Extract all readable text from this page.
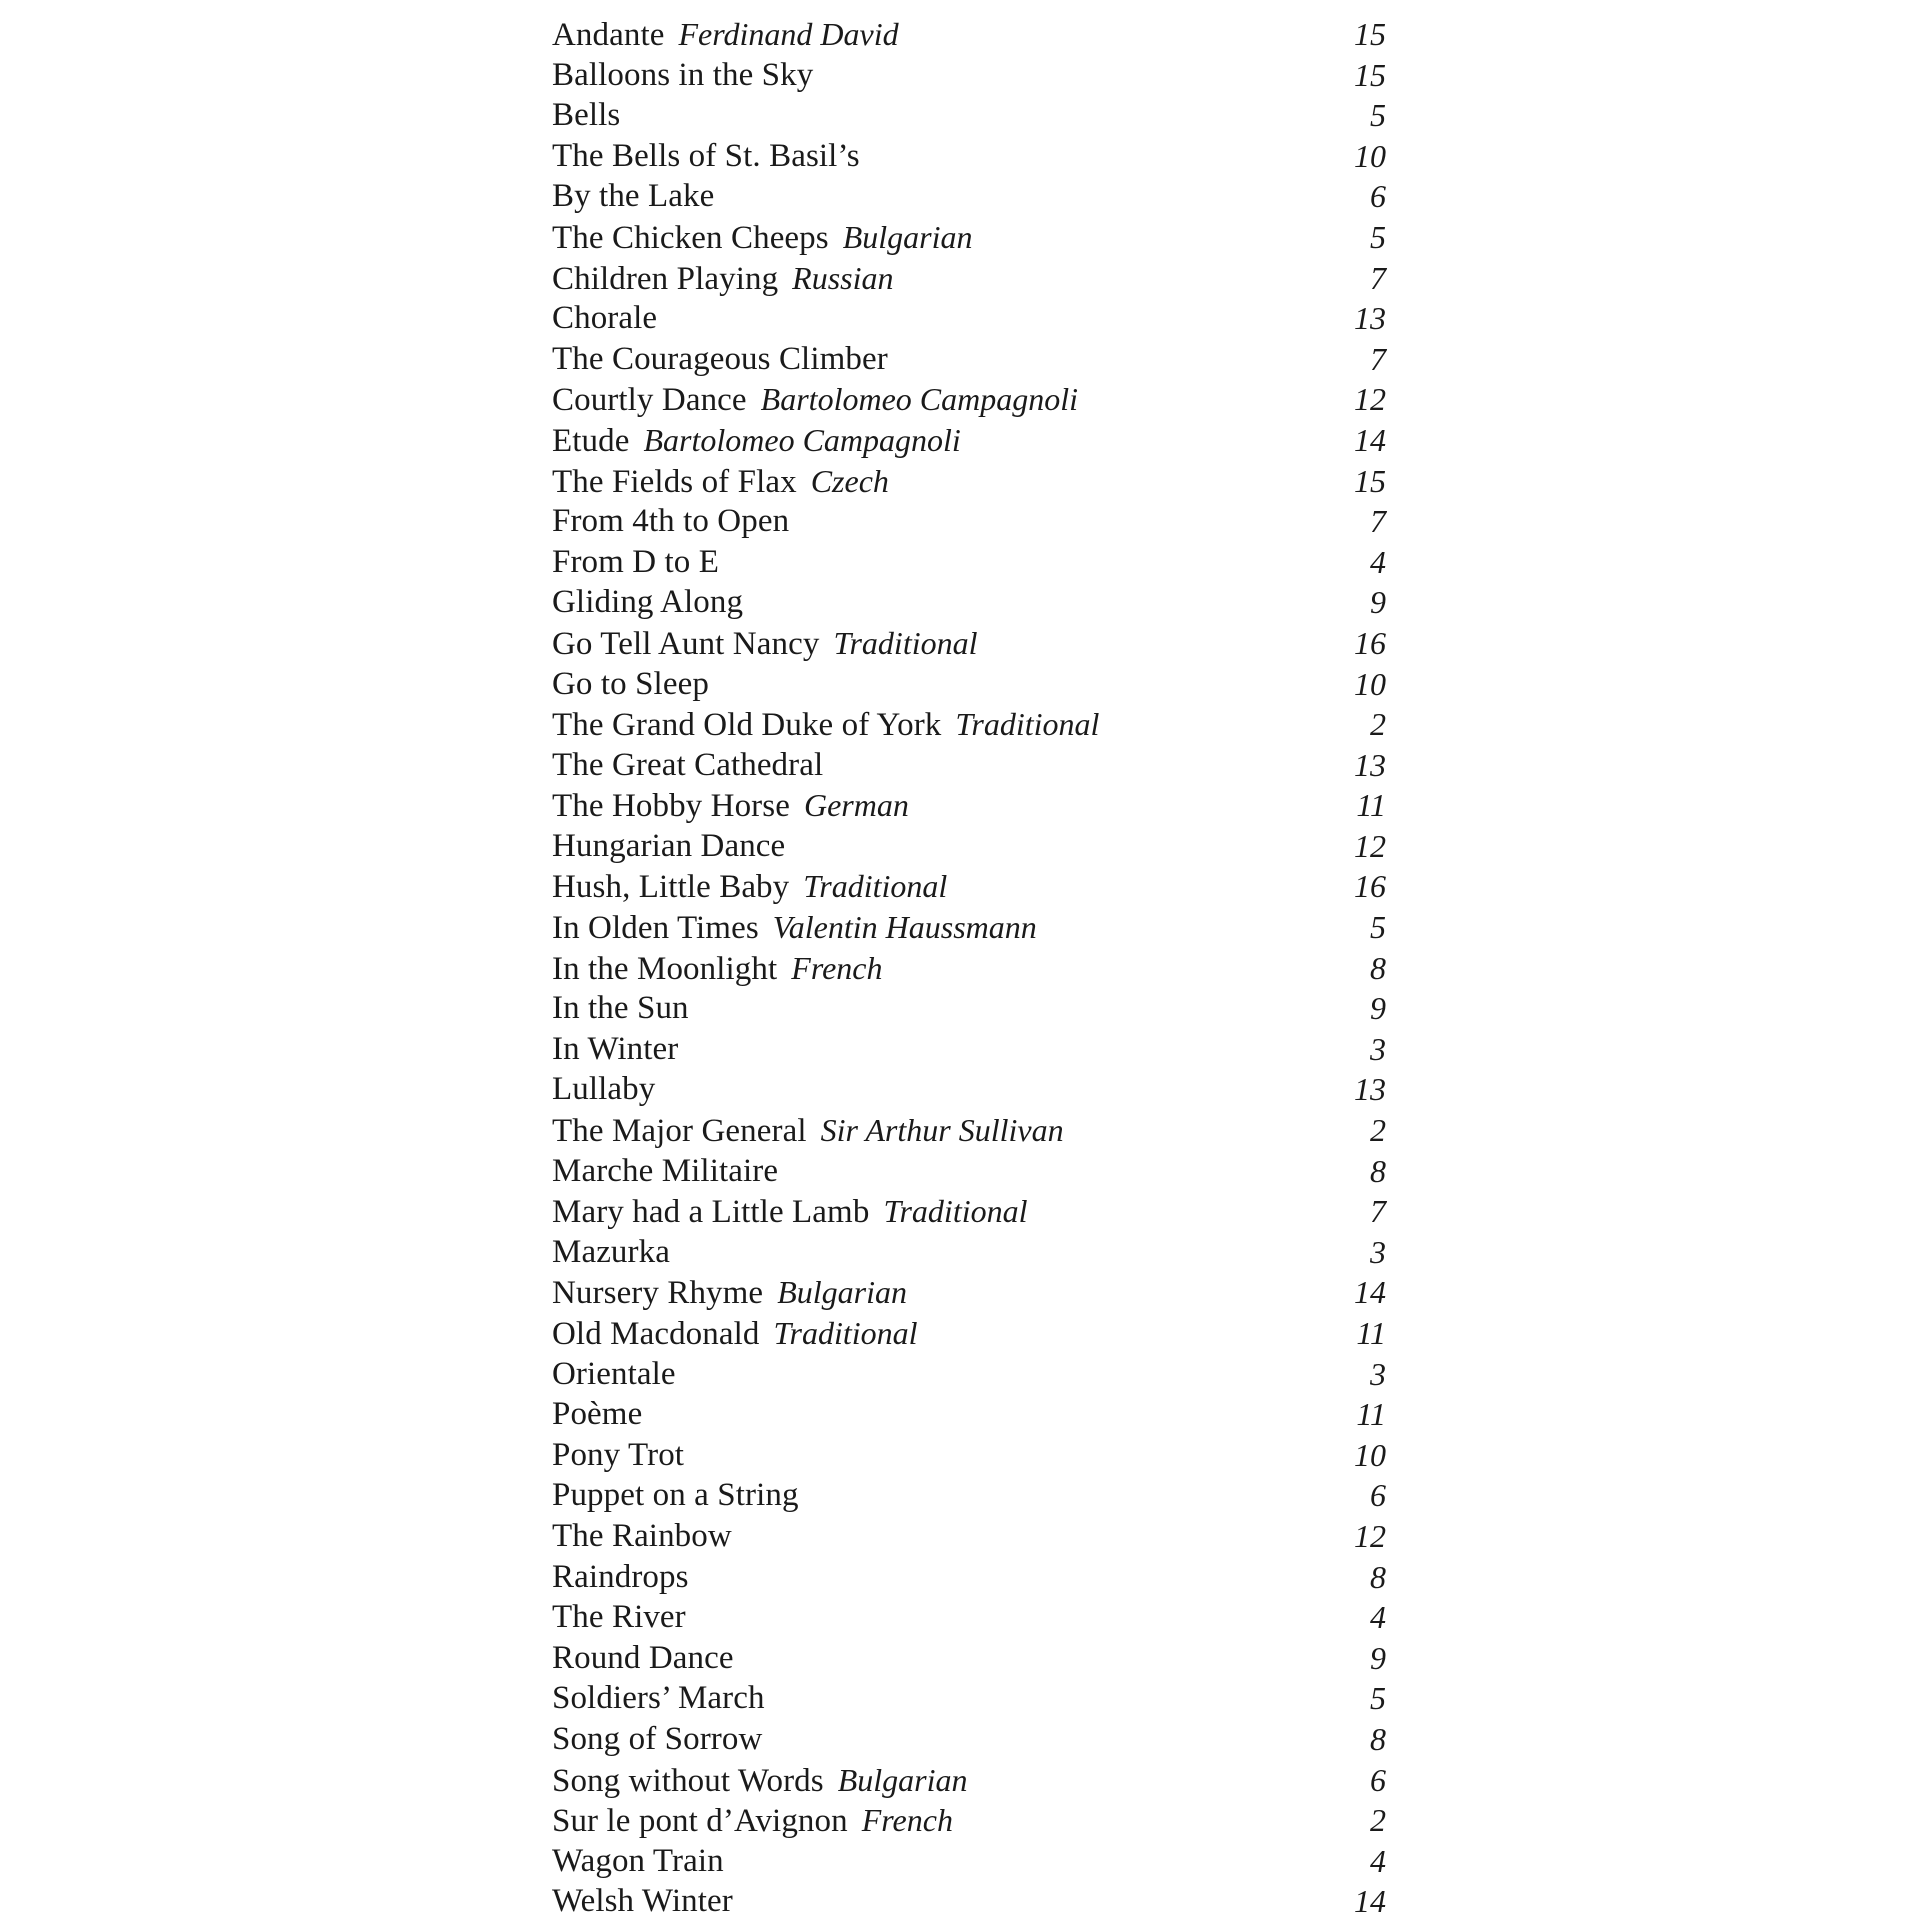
Andante Ferdinand David	15
Balloons in the Sky	15
Bells	5
The Bells of St. Basil’s	10
By the Lake	6
The Chicken Cheeps Bulgarian	5
Children Playing Russian	7
Chorale	13
The Courageous Climber	7
Courtly Dance Bartolomeo Campagnoli	12
Etude Bartolomeo Campagnoli	14
The Fields of Flax Czech	15
From 4th to Open	7
From D to E	4
Gliding Along	9
Go Tell Aunt Nancy Traditional	16
Go to Sleep	10
The Grand Old Duke of York Traditional	2
The Great Cathedral	13
The Hobby Horse German	11
Hungarian Dance	12
Hush, Little Baby Traditional	16
In Olden Times Valentin Haussmann	5
In the Moonlight French	8
In the Sun	9
In Winter	3
Lullaby	13
The Major General Sir Arthur Sullivan	2
Marche Militaire	8
Mary had a Little Lamb Traditional	7
Mazurka	3
Nursery Rhyme Bulgarian	14
Old Macdonald Traditional	11
Orientale	3
Poème	11
Pony Trot	10
Puppet on a String	6
The Rainbow	12
Raindrops	8
The River	4
Round Dance	9
Soldiers’ March	5
Song of Sorrow	8
Song without Words Bulgarian	6
Sur le pont d’Avignon French	2
Wagon Train	4
Welsh Winter	14
